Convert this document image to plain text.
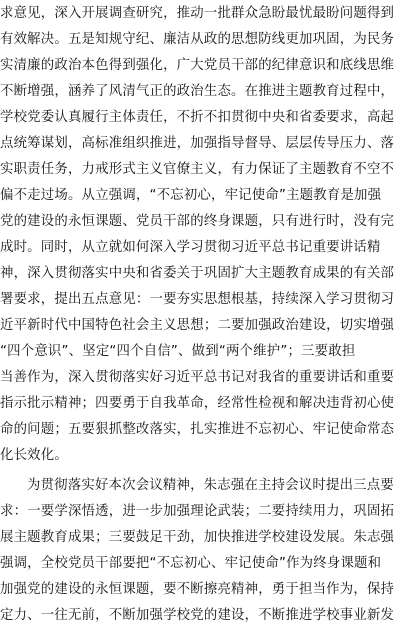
求意见，深入开展调查研究，推动一批群众急盼最忧最盼问题得到
有效解决。五是知规守纪、廉洁从政的思想防线更加巩固，为民务
实清廉的政治本色得到强化，广大党员干部的纪律意识和底线思维
不断增强，涵养了风清气正的政治生态。在推进主题教育过程中，
学校党委认真履行主体责任，不折不扣贯彻中央和省委要求，高起
点统筹谋划，高标准组织推进，加强指导督导、层层传导压力、落
实职责任务，力戒形式主义官僚主义，有力保证了主题教育不空不
偏不走过场。从立强调，“不忘初心，牢记使命”主题教育是加强
党的建设的永恒课题、党员干部的终身课题，只有进行时，没有完
成时。同时，从立就如何深入学习贯彻习近平总书记重要讲话精
神，深入贯彻落实中央和省委关于巩固扩大主题教育成果的有关部
署要求，提出五点意见：一要夯实思想根基，持续深入学习贯彻习
近平新时代中国特色社会主义思想；二要加强政治建设，切实增强
“四个意识”、坚定“四个自信”、做到“两个维护”；三要敢担
当善作为，深入贯彻落实好习近平总书记对我省的重要讲话和重要
指示批示精神；四要勇于自我革命，经常性检视和解决违背初心使
命的问题；五要狠抓整改落实，扎实推进不忘初心、牢记使命常态
化长效化。
为贯彻落实好本次会议精神，朱志强在主持会议时提出三点要
求：一要学深悟透，进一步加强理论武装；二要持续用力，巩固拓
展主题教育成果；三要鼓足干劲，加快推进学校建设发展。朱志强
强调，全校党员干部要把“不忘初心、牢记使命”作为终身课题和
加强党的建设的永恒课题，要不断擦亮精神，勇于担当作为，保持
定力、一往无前，不断加强学校党的建设，不断推进学校事业新发
